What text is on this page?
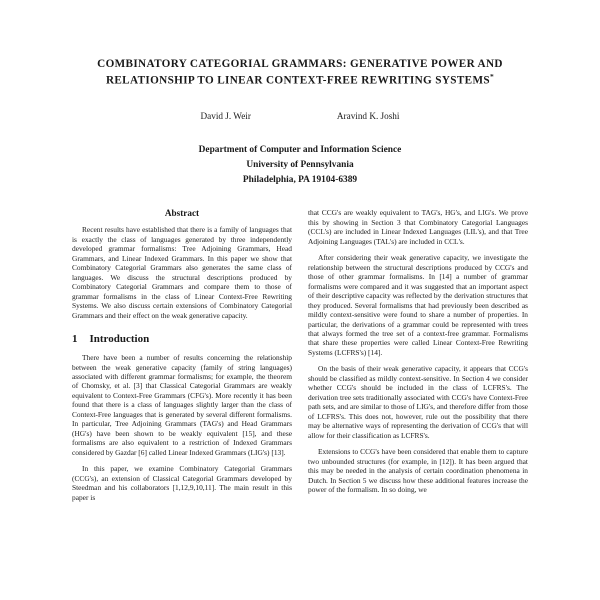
COMBINATORY CATEGORIAL GRAMMARS: GENERATIVE POWER AND
RELATIONSHIP TO LINEAR CONTEXT-FREE REWRITING SYSTEMS*
David J. Weir	Aravind K. Joshi
Department of Computer and Information Science
University of Pennsylvania
Philadelphia, PA 19104-6389
Abstract

Recent results have established that there is a family of languages that is exactly the class of languages generated by three independently developed grammar formalisms: Tree Adjoining Grammars, Head Grammars, and Linear Indexed Grammars. In this paper we show that Combinatory Categorial Grammars also generates the same class of languages. We discuss the structural descriptions produced by Combinatory Categorial Grammars and compare them to those of grammar formalisms in the class of Linear Context-Free Rewriting Systems. We also discuss certain extensions of Combinatory Categorial Grammars and their effect on the weak generative capacity.

1 Introduction

There have been a number of results concerning the relationship between the weak generative capacity (family of string languages) associated with different grammar formalisms; for example, the theorem of Chomsky, et al. [3] that Classical Categorial Grammars are weakly equivalent to Context-Free Grammars (CFG's). More recently it has been found that there is a class of languages slightly larger than the class of Context-Free languages that is generated by several different formalisms. In particular, Tree Adjoining Grammars (TAG's) and Head Grammars (HG's) have been shown to be weakly equivalent [15], and these formalisms are also equivalent to a restriction of Indexed Grammars considered by Gazdar [6] called Linear Indexed Grammars (LIG's) [13].

In this paper, we examine Combinatory Categorial Grammars (CCG's), an extension of Classical Categorial Grammars developed by Steedman and his collaborators [1,12,9,10,11]. The main result in this paper is

that CCG's are weakly equivalent to TAG's, HG's, and LIG's. We prove this by showing in Section 3 that Combinatory Categorial Languages (CCL's) are included in Linear Indexed Languages (LIL's), and that Tree Adjoining Languages (TAL's) are included in CCL's.

After considering their weak generative capacity, we investigate the relationship between the structural descriptions produced by CCG's and those of other grammar formalisms. In [14] a number of grammar formalisms were compared and it was suggested that an important aspect of their descriptive capacity was reflected by the derivation structures that they produced. Several formalisms that had previously been described as mildly context-sensitive were found to share a number of properties. In particular, the derivations of a grammar could be represented with trees that always formed the tree set of a context-free grammar. Formalisms that share these properties were called Linear Context-Free Rewriting Systems (LCFRS's) [14].

On the basis of their weak generative capacity, it appears that CCG's should be classified as mildly context-sensitive. In Section 4 we consider whether CCG's should be included in the class of LCFRS's. The derivation tree sets traditionally associated with CCG's have Context-Free path sets, and are similar to those of LIG's, and therefore differ from those of LCFRS's. This does not, however, rule out the possibility that there may be alternative ways of representing the derivation of CCG's that will allow for their classification as LCFRS's.

Extensions to CCG's have been considered that enable them to capture two unbounded structures (for example, in [12]). It has been argued that this may be needed in the analysis of certain coordination phenomena in Dutch. In Section 5 we discuss how these additional features increase the power of the formalism. In so doing, we
